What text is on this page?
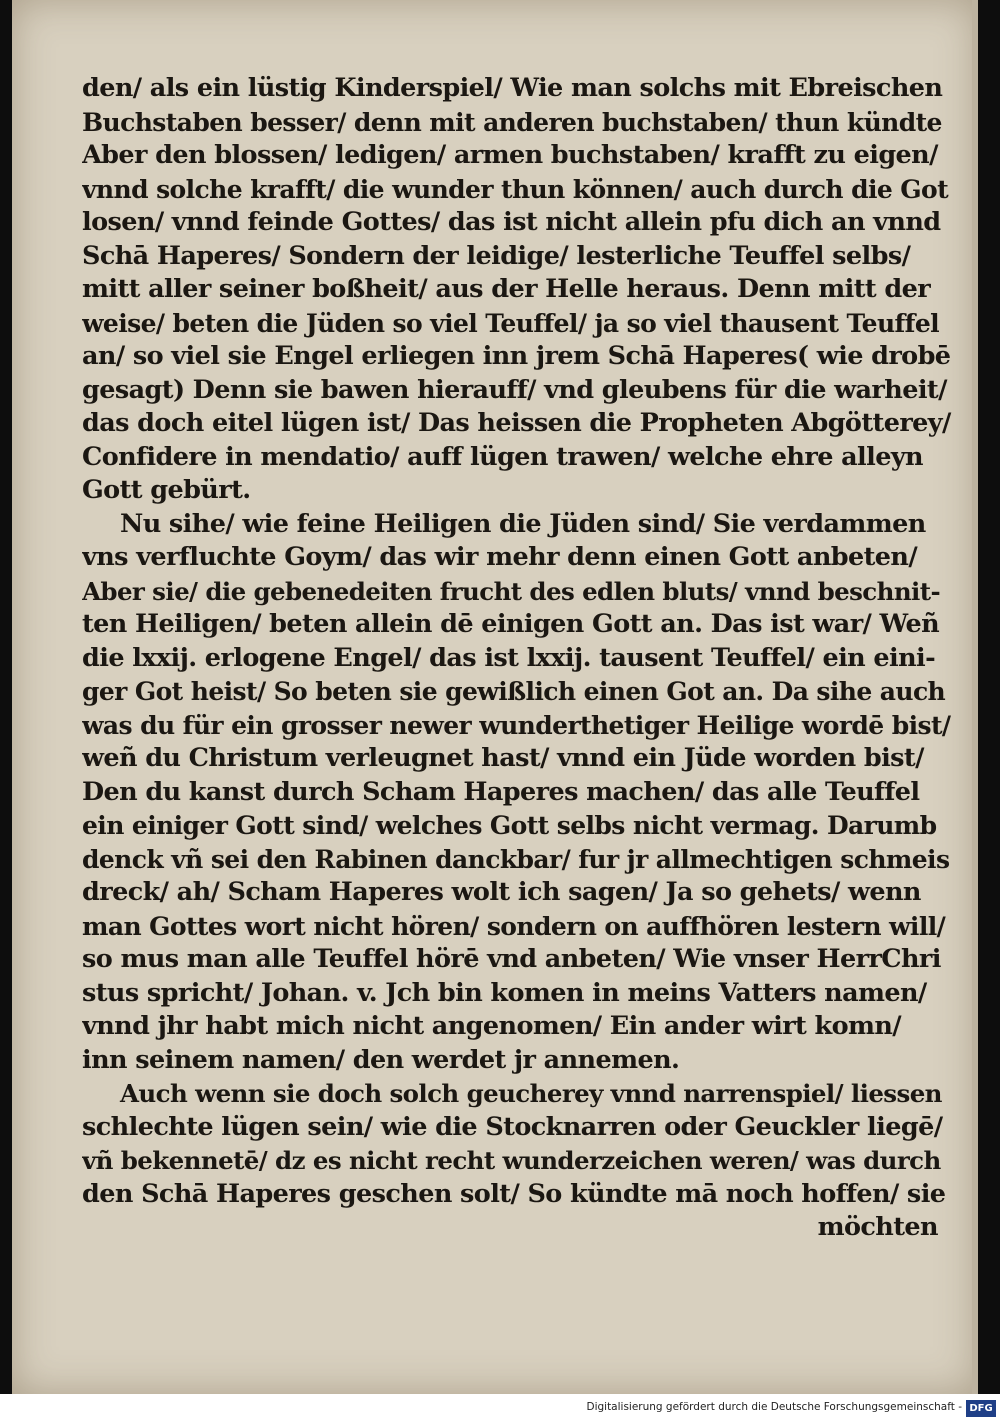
den/ als ein lüstig Kinderspiel/ Wie man solchs mit Ebreischen
Buchstaben besser/ denn mit anderen buchstaben/ thun kündte
Aber den blossen/ ledigen/ armen buchstaben/ krafft zu eigen/
vnnd solche krafft/ die wunder thun können/ auch durch die Got
losen/ vnnd feinde Gottes/ das ist nicht allein pfu dich an vnnd
Schā Haperes/ Sondern der leidige/ lesterliche Teuffel selbs/
mitt aller seiner boßheit/ aus der Helle heraus. Denn mitt der
weise/ beten die Jüden so viel Teuffel/ ja so viel thausent Teuffel
an/ so viel sie Engel erliegen inn jrem Schā Haperes( wie drobē
gesagt) Denn sie bawen hierauff/ vnd gleubens für die warheit/
das doch eitel lügen ist/ Das heissen die Propheten Abgötterey/
Confidere in mendatio/ auff lügen trawen/ welche ehre alleyn
Gott gebürt.
Nu sihe/ wie feine Heiligen die Jüden sind/ Sie verdammen
vns verfluchte Goym/ das wir mehr denn einen Gott anbeten/
Aber sie/ die gebenedeiten frucht des edlen bluts/ vnnd beschnit-
ten Heiligen/ beten allein dē einigen Gott an. Das ist war/ Weñ
die lxxij. erlogene Engel/ das ist lxxij. tausent Teuffel/ ein eini-
ger Got heist/ So beten sie gewißlich einen Got an. Da sihe auch
was du für ein grosser newer wunderthetiger Heilige wordē bist/
weñ du Christum verleugnet hast/ vnnd ein Jüde worden bist/
Den du kanst durch Scham Haperes machen/ das alle Teuffel
ein einiger Gott sind/ welches Gott selbs nicht vermag. Darumb
denck vñ sei den Rabinen danckbar/ fur jr allmechtigen schmeis
dreck/ ah/ Scham Haperes wolt ich sagen/ Ja so gehets/ wenn
man Gottes wort nicht hören/ sondern on auffhören lestern will/
so mus man alle Teuffel hörē vnd anbeten/ Wie vnser HerrChri
stus spricht/ Johan. v. Jch bin komen in meins Vatters namen/
vnnd jhr habt mich nicht angenomen/ Ein ander wirt komn/
inn seinem namen/ den werdet jr annemen.
Auch wenn sie doch solch geucherey vnnd narrenspiel/ liessen
schlechte lügen sein/ wie die Stocknarren oder Geuckler liegē/
vñ bekennetē/ dz es nicht recht wunderzeichen weren/ was durch
den Schā Haperes geschen solt/ So kündte mā noch hoffen/ sie
möchten
Digitalisierung gefördert durch die Deutsche Forschungsgemeinschaft - DFG
